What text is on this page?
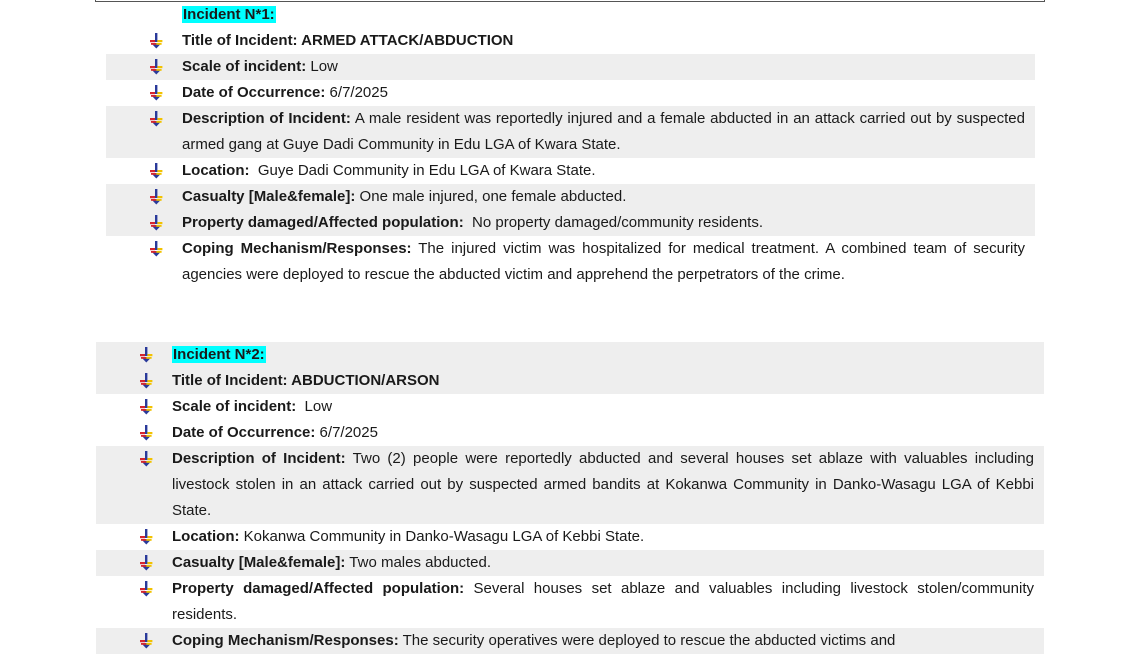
Incident N*1:
Title of Incident: ARMED ATTACK/ABDUCTION
Scale of incident: Low
Date of Occurrence: 6/7/2025
Description of Incident: A male resident was reportedly injured and a female abducted in an attack carried out by suspected armed gang at Guye Dadi Community in Edu LGA of Kwara State.
Location:  Guye Dadi Community in Edu LGA of Kwara State.
Casualty [Male&female]: One male injured, one female abducted.
Property damaged/Affected population:  No property damaged/community residents.
Coping Mechanism/Responses: The injured victim was hospitalized for medical treatment. A combined team of security agencies were deployed to rescue the abducted victim and apprehend the perpetrators of the crime.
Incident N*2:
Title of Incident: ABDUCTION/ARSON
Scale of incident:  Low
Date of Occurrence: 6/7/2025
Description of Incident: Two (2) people were reportedly abducted and several houses set ablaze with valuables including livestock stolen in an attack carried out by suspected armed bandits at Kokanwa Community in Danko-Wasagu LGA of Kebbi State.
Location: Kokanwa Community in Danko-Wasagu LGA of Kebbi State.
Casualty [Male&female]: Two males abducted.
Property damaged/Affected population: Several houses set ablaze and valuables including livestock stolen/community residents.
Coping Mechanism/Responses: The security operatives were deployed to rescue the abducted victims and
